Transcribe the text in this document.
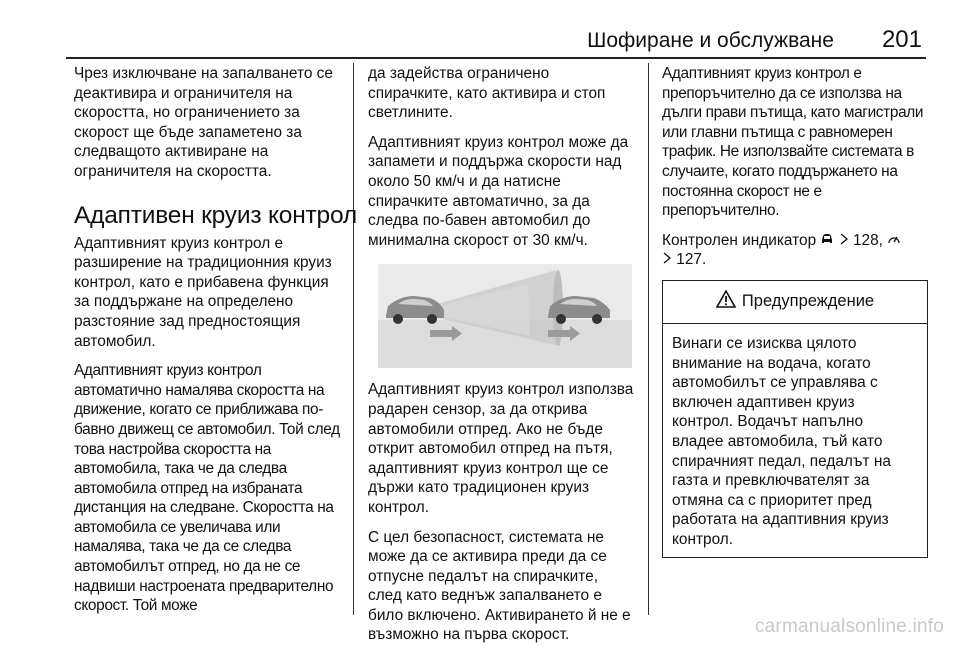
Шофиране и обслужване 201

Чрез изключване на запалването се деактивира и ограничителя на скоростта, но ограничението за скорост ще бъде запаметено за следващото активиране на ограничителя на скоростта.

Адаптивен круиз контрол

Адаптивният круиз контрол е разширение на традиционния круиз контрол, като е прибавена функция за поддържане на определено разстояние зад предностоящия автомобил.

Адаптивният круиз контрол автоматично намалява скоростта на движение, когато се приближава по-бавно движещ се автомобил. Той след това настройва скоростта на автомобила, така че да следва автомобила отпред на избраната дистанция на следване. Скоростта на автомобила се увеличава или намалява, така че да се следва автомобилът отпред, но да не се надвиши настроената предварително скорост. Той може

да задейства ограничено спирачките, като активира и стоп светлините.

Адаптивният круиз контрол може да запамети и поддържа скорости над около 50 км/ч и да натисне спирачките автоматично, за да следва по-бавен автомобил до минимална скорост от 30 км/ч.

Адаптивният круиз контрол използва радарен сензор, за да открива автомобили отпред. Ако не бъде открит автомобил отпред на пътя, адаптивният круиз контрол ще се държи като традиционен круиз контрол.

С цел безопасност, системата не може да се активира преди да се отпусне педалът на спирачките, след като веднъж запалването е било включено. Активирането й не е възможно на първа скорост.

Адаптивният круиз контрол е препоръчително да се използва на дълги прави пътища, като магистрали или главни пътища с равномерен трафик. Не използвайте системата в случаите, когато поддържането на постоянна скорост не е препоръчително.

Контролен индикатор 128,
127.

Предупреждение
Винаги се изисква цялото внимание на водача, когато автомобилът се управлява с включен адаптивен круиз контрол. Водачът напълно владее автомобила, тъй като спирачният педал, педалът на газта и превключвателят за отмяна са с приоритет пред работата на адаптивния круиз контрол.
carmanualsonline.info
